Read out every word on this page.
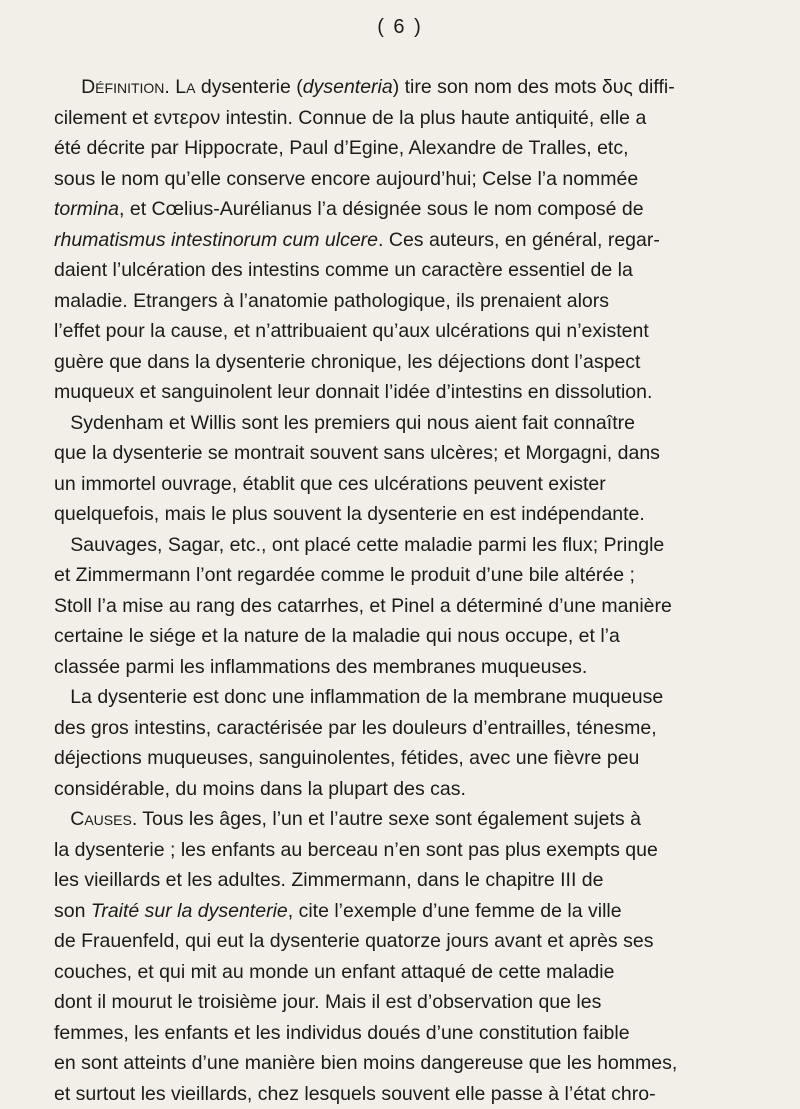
( 6 )
Définition. La dysenterie (dysenteria) tire son nom des mots δυς diffi-
cilement et εντερον intestin. Connue de la plus haute antiquité, elle a
été décrite par Hippocrate, Paul d’Egine, Alexandre de Tralles, etc,
sous le nom qu’elle conserve encore aujourd’hui; Celse l’a nommée
tormina, et Cœlius-Aurélianus l’a désignée sous le nom composé de
rhumatismus intestinorum cum ulcere. Ces auteurs, en général, regar-
daient l’ulcération des intestins comme un caractère essentiel de la
maladie. Etrangers à l’anatomie pathologique, ils prenaient alors
l’effet pour la cause, et n’attribuaient qu’aux ulcérations qui n’existent
guère que dans la dysenterie chronique, les déjections dont l’aspect
muqueux et sanguinolent leur donnait l’idée d’intestins en dissolution.
Sydenham et Willis sont les premiers qui nous aient fait connaître
que la dysenterie se montrait souvent sans ulcères; et Morgagni, dans
un immortel ouvrage, établit que ces ulcérations peuvent exister
quelquefois, mais le plus souvent la dysenterie en est indépendante.
Sauvages, Sagar, etc., ont placé cette maladie parmi les flux; Pringle
et Zimmermann l’ont regardée comme le produit d’une bile altérée ;
Stoll l’a mise au rang des catarrhes, et Pinel a déterminé d’une manière
certaine le siége et la nature de la maladie qui nous occupe, et l’a
classée parmi les inflammations des membranes muqueuses.
La dysenterie est donc une inflammation de la membrane muqueuse
des gros intestins, caractérisée par les douleurs d’entrailles, ténesme,
déjections muqueuses, sanguinolentes, fétides, avec une fièvre peu
considérable, du moins dans la plupart des cas.
Causes. Tous les âges, l’un et l’autre sexe sont également sujets à
la dysenterie ; les enfants au berceau n’en sont pas plus exempts que
les vieillards et les adultes. Zimmermann, dans le chapitre III de
son Traité sur la dysenterie, cite l’exemple d’une femme de la ville
de Frauenfeld, qui eut la dysenterie quatorze jours avant et après ses
couches, et qui mit au monde un enfant attaqué de cette maladie
dont il mourut le troisième jour. Mais il est d’observation que les
femmes, les enfants et les individus doués d’une constitution faible
en sont atteints d’une manière bien moins dangereuse que les hommes,
et surtout les vieillards, chez lesquels souvent elle passe à l’état chro-
